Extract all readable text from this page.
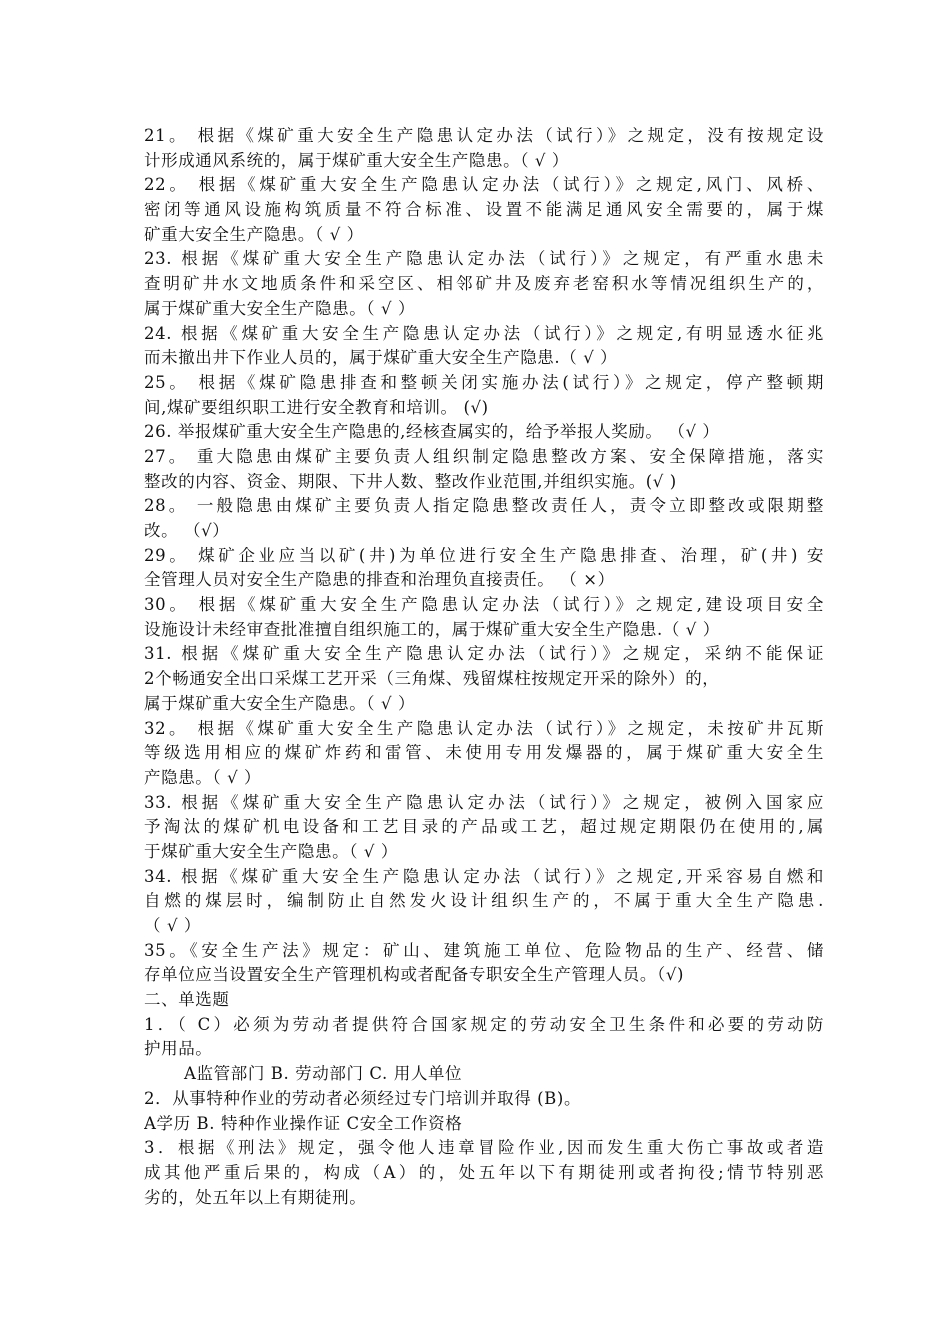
21。 根据《煤矿重大安全生产隐患认定办法（试行）》之规定，没有按规定设
计形成通风系统的，属于煤矿重大安全生产隐患。（ √ ）
22。 根据《煤矿重大安全生产隐患认定办法（试行）》之规定,风门、风桥、
密闭等通风设施构筑质量不符合标准、设置不能满足通风安全需要的，属于煤
矿重大安全生产隐患。（ √ ）
23. 根据《煤矿重大安全生产隐患认定办法（试行）》之规定，有严重水患未
查明矿井水文地质条件和采空区、相邻矿井及废弃老窑积水等情况组织生产的，
属于煤矿重大安全生产隐患。（ √ ）
24. 根据《煤矿重大安全生产隐患认定办法（试行）》之规定,有明显透水征兆
而未撤出井下作业人员的，属于煤矿重大安全生产隐患.（ √ ）
25。 根据《煤矿隐患排查和整顿关闭实施办法(试行）》之规定，停产整顿期
间,煤矿要组织职工进行安全教育和培训。 (√)
26. 举报煤矿重大安全生产隐患的,经核查属实的，给予举报人奖励。 （√ ）
27。 重大隐患由煤矿主要负责人组织制定隐患整改方案、安全保障措施，落实
整改的内容、资金、期限、下井人数、整改作业范围,并组织实施。(√ )
28。 一般隐患由煤矿主要负责人指定隐患整改责任人，责令立即整改或限期整
改。 （√）
29。 煤矿企业应当以矿(井)为单位进行安全生产隐患排查、治理，矿(井) 安
全管理人员对安全生产隐患的排查和治理负直接责任。 （ ×）
30。 根据《煤矿重大安全生产隐患认定办法（试行）》之规定,建设项目安全
设施设计未经审查批准擅自组织施工的，属于煤矿重大安全生产隐患.（ √ ）
31. 根据《煤矿重大安全生产隐患认定办法（试行）》之规定，采纳不能保证
2个畅通安全出口采煤工艺开采（三角煤、残留煤柱按规定开采的除外）的，
属于煤矿重大安全生产隐患。（ √ ）
32。 根据《煤矿重大安全生产隐患认定办法（试行）》之规定，未按矿井瓦斯
等级选用相应的煤矿炸药和雷管、未使用专用发爆器的，属于煤矿重大安全生
产隐患。（ √ ）
33. 根据《煤矿重大安全生产隐患认定办法（试行）》之规定，被例入国家应
予淘汰的煤矿机电设备和工艺目录的产品或工艺，超过规定期限仍在使用的,属
于煤矿重大安全生产隐患。（ √ ）
34. 根据《煤矿重大安全生产隐患认定办法（试行）》之规定,开采容易自燃和
自燃的煤层时，编制防止自然发火设计组织生产的，不属于重大全生产隐患.
（ √ ）
35。《安全生产法》规定：矿山、建筑施工单位、危险物品的生产、经营、储
存单位应当设置安全生产管理机构或者配备专职安全生产管理人员。（√)
二、单选题
1．（ C）必须为劳动者提供符合国家规定的劳动安全卫生条件和必要的劳动防
护用品。
A监管部门 B. 劳动部门 C. 用人单位
2．从事特种作业的劳动者必须经过专门培训并取得 (B)。
A学历 B. 特种作业操作证 C安全工作资格
3．根据《刑法》规定，强令他人违章冒险作业,因而发生重大伤亡事故或者造
成其他严重后果的，构成（A）的，处五年以下有期徒刑或者拘役;情节特别恶
劣的，处五年以上有期徒刑。
